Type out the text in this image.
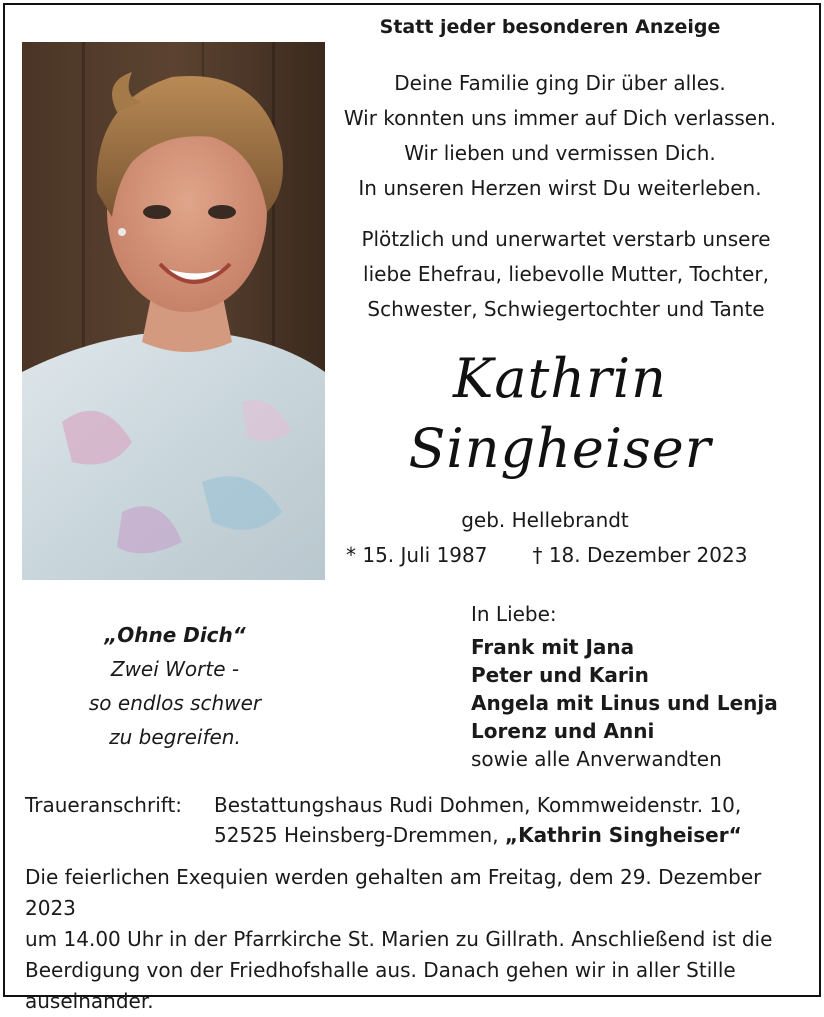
Statt jeder besonderen Anzeige
Deine Familie ging Dir über alles.
Wir konnten uns immer auf Dich verlassen.
Wir lieben und vermissen Dich.
In unseren Herzen wirst Du weiterleben.
Plötzlich und unerwartet verstarb unsere
liebe Ehefrau, liebevolle Mutter, Tochter,
Schwester, Schwiegertochter und Tante
Kathrin
Singheiser
geb. Hellebrandt
* 15. Juli 1987 † 18. Dezember 2023
„Ohne Dich“
Zwei Worte -
so endlos schwer
zu begreifen.
In Liebe:
Frank mit Jana
Peter und Karin
Angela mit Linus und Lenja
Lorenz und Anni
sowie alle Anverwandten
Traueranschrift: Bestattungshaus Rudi Dohmen, Kommweidenstr. 10,
52525 Heinsberg-Dremmen, „Kathrin Singheiser“
Die feierlichen Exequien werden gehalten am Freitag, dem 29. Dezember 2023
um 14.00 Uhr in der Pfarrkirche St. Marien zu Gillrath. Anschließend ist die
Beerdigung von der Friedhofshalle aus. Danach gehen wir in aller Stille
auseinander.
